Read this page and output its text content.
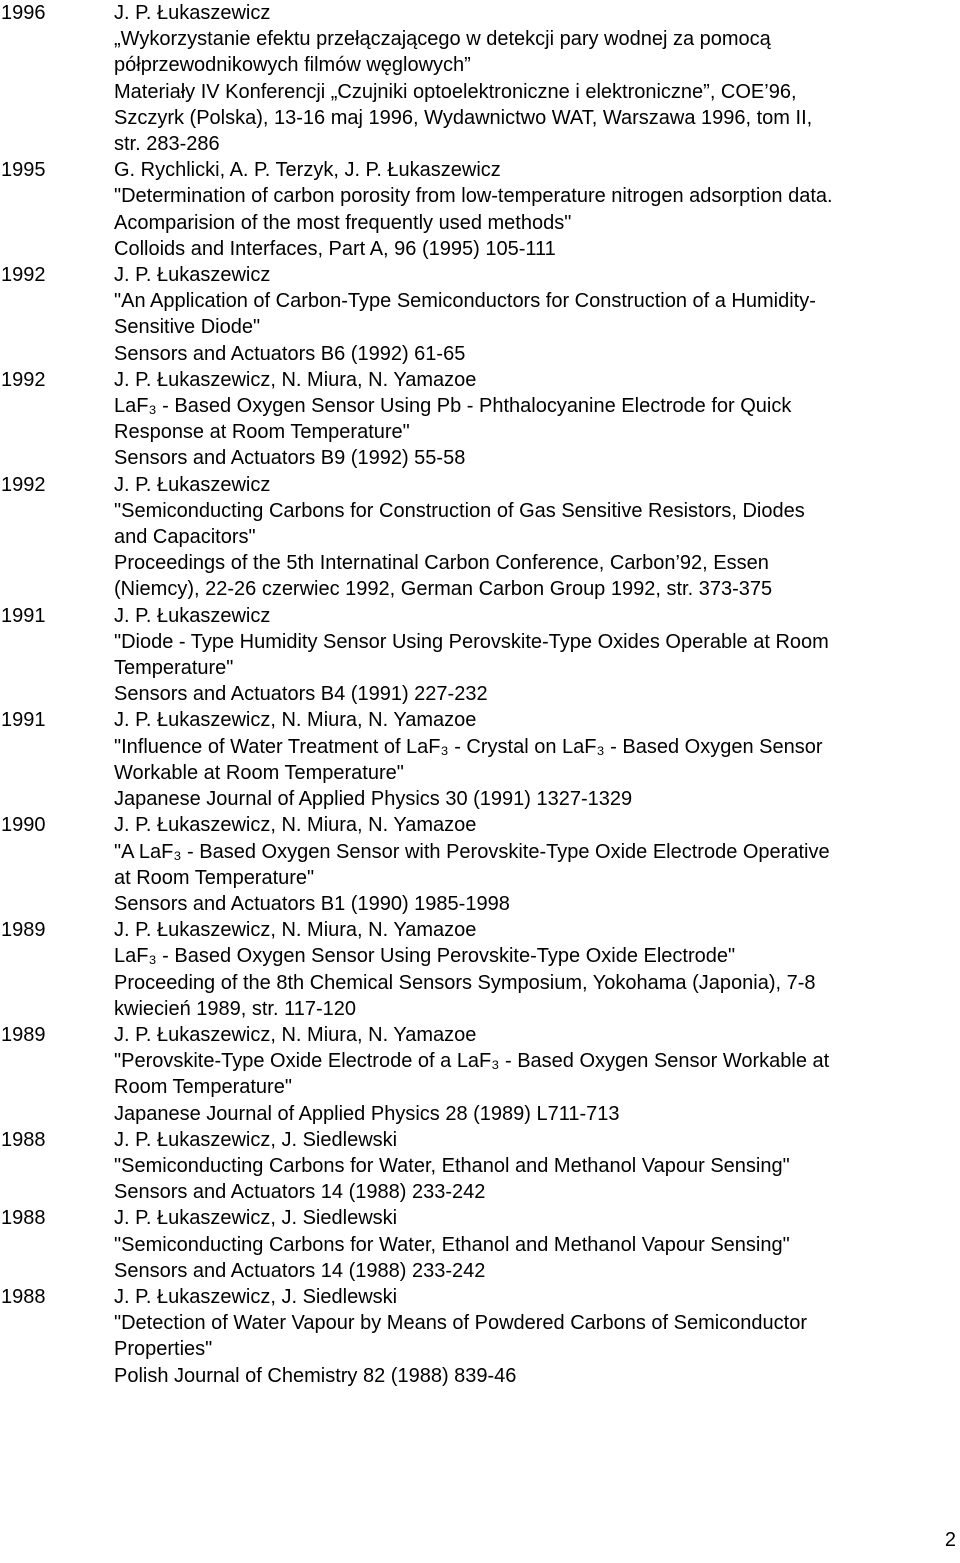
1996	J. P. Łukaszewicz
„Wykorzystanie efektu przełączającego w detekcji pary wodnej za pomocą
półprzewodnikowych filmów węglowych”
Materiały IV Konferencji „Czujniki optoelektroniczne i elektroniczne”, COE’96,
Szczyrk (Polska), 13-16 maj 1996, Wydawnictwo WAT, Warszawa 1996, tom II,
str. 283-286
1995	G. Rychlicki, A. P. Terzyk, J. P. Łukaszewicz
"Determination of carbon porosity from low-temperature nitrogen adsorption data.
Acomparision of the most frequently used methods"
Colloids and Interfaces, Part A, 96 (1995) 105-111
1992	J. P. Łukaszewicz
"An Application of Carbon-Type Semiconductors for Construction of a Humidity-
Sensitive Diode"
Sensors and Actuators B6 (1992) 61-65
1992	J. P. Łukaszewicz, N. Miura, N. Yamazoe
LaF₃ - Based Oxygen Sensor Using Pb - Phthalocyanine Electrode for Quick
Response at Room Temperature"
Sensors and Actuators B9 (1992) 55-58
1992	J. P. Łukaszewicz
"Semiconducting Carbons for Construction of Gas Sensitive Resistors, Diodes
and Capacitors"
Proceedings of the 5th Internatinal Carbon Conference, Carbon’92, Essen
(Niemcy), 22-26 czerwiec 1992, German Carbon Group 1992, str. 373-375
1991	J. P. Łukaszewicz
"Diode - Type Humidity Sensor Using Perovskite-Type Oxides Operable at Room
Temperature"
Sensors and Actuators B4 (1991) 227-232
1991	J. P. Łukaszewicz, N. Miura, N. Yamazoe
"Influence of Water Treatment of LaF₃ - Crystal on LaF₃ - Based Oxygen Sensor
Workable at Room Temperature"
Japanese Journal of Applied Physics 30 (1991) 1327-1329
1990	J. P. Łukaszewicz, N. Miura, N. Yamazoe
"A LaF₃ - Based Oxygen Sensor with Perovskite-Type Oxide Electrode Operative
at Room Temperature"
Sensors and Actuators B1 (1990) 1985-1998
1989	J. P. Łukaszewicz, N. Miura, N. Yamazoe
LaF₃ - Based Oxygen Sensor Using Perovskite-Type Oxide Electrode"
Proceeding of the 8th Chemical Sensors Symposium, Yokohama (Japonia), 7-8
kwiecień 1989, str. 117-120
1989	J. P. Łukaszewicz, N. Miura, N. Yamazoe
"Perovskite-Type Oxide Electrode of a LaF₃ - Based Oxygen Sensor Workable at
Room Temperature"
Japanese Journal of Applied Physics 28 (1989) L711-713
1988	J. P. Łukaszewicz, J. Siedlewski
"Semiconducting Carbons for Water, Ethanol and Methanol Vapour Sensing"
Sensors and Actuators 14 (1988) 233-242
1988	J. P. Łukaszewicz, J. Siedlewski
"Semiconducting Carbons for Water, Ethanol and Methanol Vapour Sensing"
Sensors and Actuators 14 (1988) 233-242
1988	J. P. Łukaszewicz, J. Siedlewski
"Detection of Water Vapour by Means of Powdered Carbons of Semiconductor
Properties"
Polish Journal of Chemistry 82 (1988) 839-46
2
